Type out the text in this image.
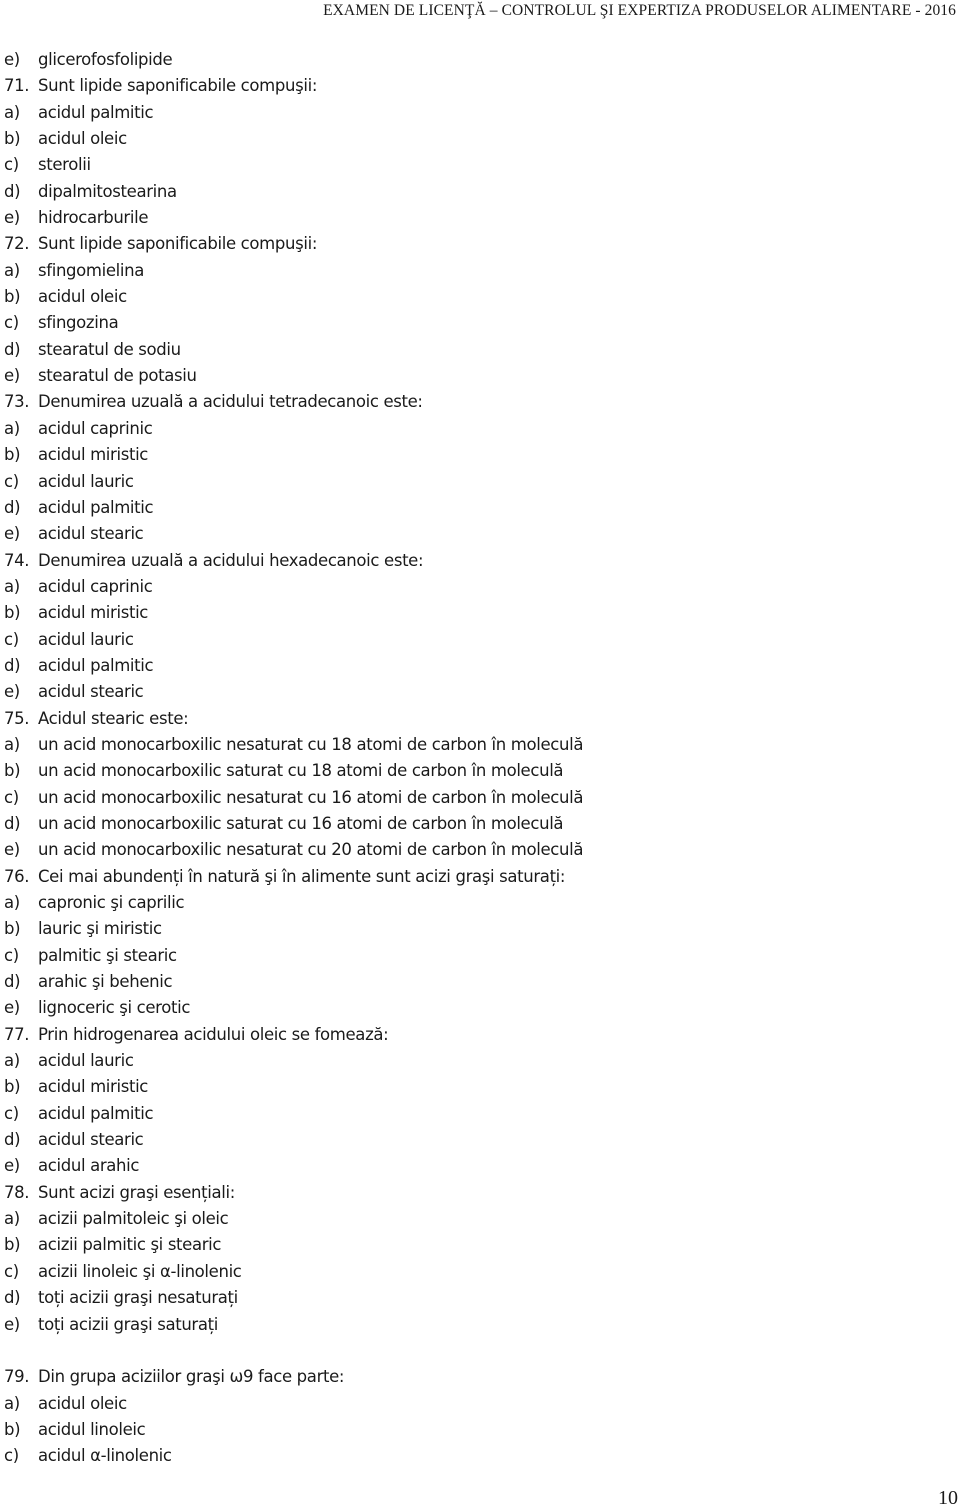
EXAMEN DE LICENŢĂ – CONTROLUL ŞI EXPERTIZA PRODUSELOR ALIMENTARE - 2016
e)	glicerofosfolipide
71. Sunt lipide saponificabile compuşii:
a)	acidul palmitic
b)	acidul oleic
c)	sterolii
d)	dipalmitostearina
e)	hidrocarburile
72. Sunt lipide saponificabile compuşii:
a)	sfingomielina
b)	acidul oleic
c)	sfingozina
d)	stearatul de sodiu
e)	stearatul de potasiu
73. Denumirea uzuală a acidului tetradecanoic este:
a)	acidul caprinic
b)	acidul miristic
c)	acidul lauric
d)	acidul palmitic
e)	acidul stearic
74. Denumirea uzuală a acidului hexadecanoic este:
a)	acidul caprinic
b)	acidul miristic
c)	acidul lauric
d)	acidul palmitic
e)	acidul stearic
75. Acidul stearic este:
a)	un acid monocarboxilic nesaturat cu 18 atomi de carbon în moleculă
b)	un acid monocarboxilic saturat cu 18 atomi de carbon în moleculă
c)	un acid monocarboxilic nesaturat cu 16 atomi de carbon în moleculă
d)	un acid monocarboxilic saturat cu 16 atomi de carbon în moleculă
e)	un acid monocarboxilic nesaturat cu 20 atomi de carbon în moleculă
76. Cei mai abundenți în natură şi în alimente sunt acizi graşi saturați:
a)	capronic şi caprilic
b)	lauric şi miristic
c)	palmitic şi stearic
d)	arahic şi behenic
e)	lignoceric şi cerotic
77. Prin hidrogenarea acidului oleic se fomează:
a)	acidul lauric
b)	acidul miristic
c)	acidul palmitic
d)	acidul stearic
e)	acidul arahic
78. Sunt acizi graşi esențiali:
a)	acizii palmitoleic şi oleic
b)	acizii palmitic şi stearic
c)	acizii linoleic şi α-linolenic
d)	toți acizii graşi nesaturați
e)	toți acizii graşi saturați
79. Din grupa aciziilor graşi ω9 face parte:
a)	acidul oleic
b)	acidul linoleic
c)	acidul α-linolenic
10
